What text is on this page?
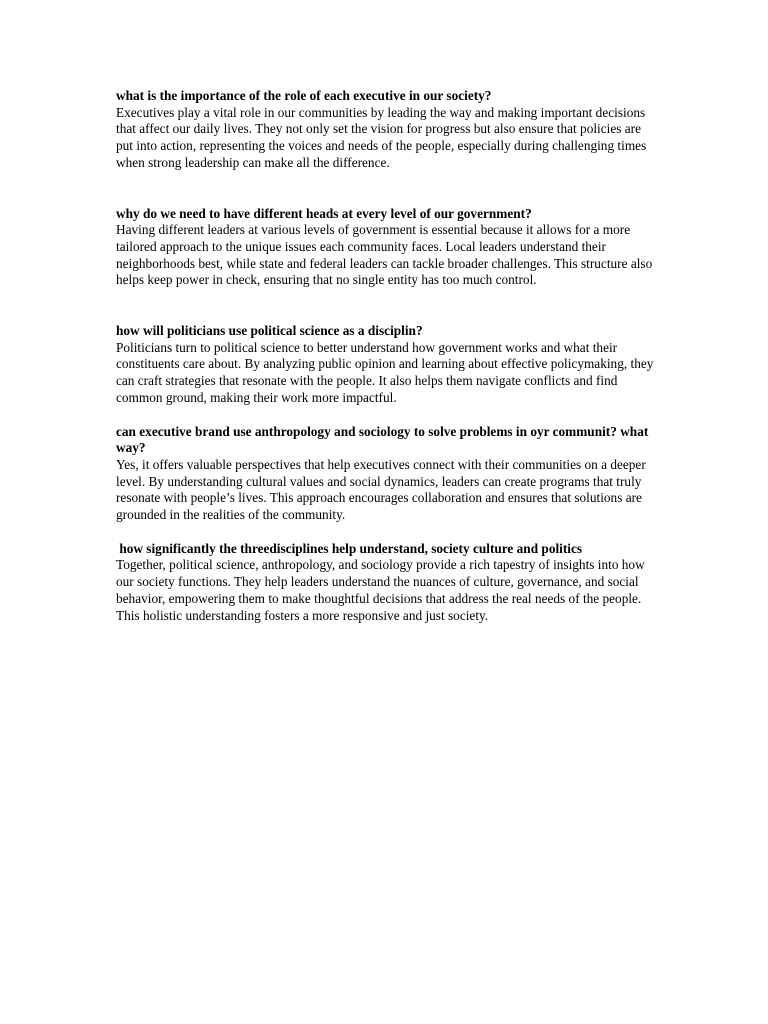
what is the importance of the role of each executive in our society?

Executives play a vital role in our communities by leading the way and making important decisions that affect our daily lives. They not only set the vision for progress but also ensure that policies are put into action, representing the voices and needs of the people, especially during challenging times when strong leadership can make all the difference.

why do we need to have different heads at every level of our government?

Having different leaders at various levels of government is essential because it allows for a more tailored approach to the unique issues each community faces. Local leaders understand their neighborhoods best, while state and federal leaders can tackle broader challenges. This structure also helps keep power in check, ensuring that no single entity has too much control.

how will politicians use political science as a disciplin?

Politicians turn to political science to better understand how government works and what their constituents care about. By analyzing public opinion and learning about effective policymaking, they can craft strategies that resonate with the people. It also helps them navigate conflicts and find common ground, making their work more impactful.

can executive brand use anthropology and sociology to solve problems in oyr communit? what way?

Yes, it offers valuable perspectives that help executives connect with their communities on a deeper level. By understanding cultural values and social dynamics, leaders can create programs that truly resonate with people’s lives. This approach encourages collaboration and ensures that solutions are grounded in the realities of the community.

how significantly the threedisciplines help understand, society culture and politics

Together, political science, anthropology, and sociology provide a rich tapestry of insights into how our society functions. They help leaders understand the nuances of culture, governance, and social behavior, empowering them to make thoughtful decisions that address the real needs of the people. This holistic understanding fosters a more responsive and just society.
